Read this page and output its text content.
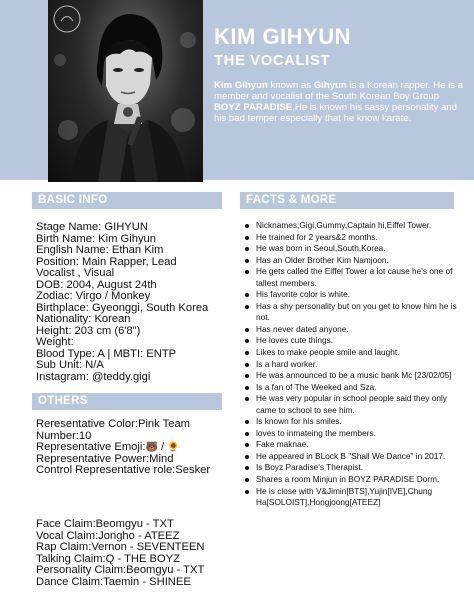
KIM GIHYUN
THE VOCALIST
Kim Gihyun known as Gihyun is a Korean rapper. He is a member and vocalist of the South Korean Boy Group BOYZ PARADISE.He is known his sassy personality and his bad temper especially that he know karate.
BASIC INFO	FACTS & MORE
OTHERS
Stage Name: GIHYUN
Birth Name: Kim Gihyun
English Name: Ethan Kim
Position: Main Rapper, Lead
Vocalist , Visual
DOB: 2004, August 24th
Zodiac: Virgo / Monkey
Birthplace: Gyeonggi, South Korea
Nationality: Korean
Height: 203 cm (6'8")
Weight:
Blood Type: A | MBTI: ENTP
Sub Unit: N/A
Instagram: @teddy.gigi
Reresentative Color:Pink Team
Number:10
Representative Emoji:🐻 / 🌻
Representative Power:Mind
Control Representative role:Sesker
Face Claim:Beomgyu - TXT
Vocal Claim:Jongho - ATEEZ
Rap Claim:Vernon - SEVENTEEN
Talking Claim:Q - THE BOYZ
Personality Claim:Beomgyu - TXT
Dance Claim:Taemin - SHINEE
Nicknames;Gigi,Gummy,Captain hi,Eiffel Tower.
He trained for 2 years&2 months.
He was born in Seoul,South,Korea.
Has an Older Brother Kim Namjoon.
He gets called the Eiffel Tower a lot cause he's one of tallest members.
His favorite color is white.
Has a shy personality but on you get to know him he is not.
Has never dated anyone.
He loves cute things.
Likes to make people smile and laught.
Is a hard worker.
He was announced to be a music bank Mc [23/02/05]
Is a fan of The Weeked and Sza.
He was very popular in school people said they only came to school to see him.
Is known for his smiles.
loves to inmateing the members.
Fake maknae.
He appeared in BLock B "Shall We Dance" in 2017.
Is Boyz Paradise's Therapist.
Shares a room Minjun in BOYZ PARADISE Dorm.
He is close with V&Jimin[BTS],Yujin[IVE],Chung Ha[SOLOIST],Hongjoong[ATEEZ]
